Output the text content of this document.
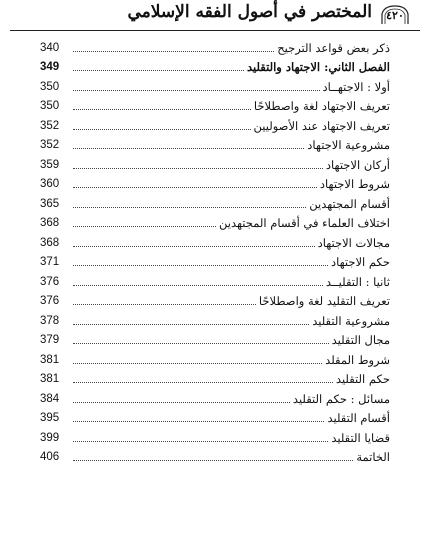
المختصر في أصول الفقه الإسلامي ٤٢٠
340	ذكر بعض قواعد الترجيح
349	الفصل الثاني: الاجتهاد والتقليد
350	أولا : الاجتهــاد
350	تعريف الاجتهاد لغة واصطلاحًا
352	تعريف الاجتهاد عند الأصوليين
352	مشروعية الاجتهاد
359	أركان الاجتهاد
360	شروط الاجتهاد
365	أقسام المجتهدين
368	اختلاف العلماء في أقسام المجتهدين
368	مجالات الاجتهاد
371	حكم الاجتهاد
376	ثانيا : التقليــد
376	تعريف التقليد لغة واصطلاحًا
378	مشروعية التقليد
379	مجال التقليد
381	شروط المقلد
381	حكم التقليد
384	مسائل : حكم التقليد
395	أقسام التقليد
399	قضايا التقليد
406	الخاتمة
